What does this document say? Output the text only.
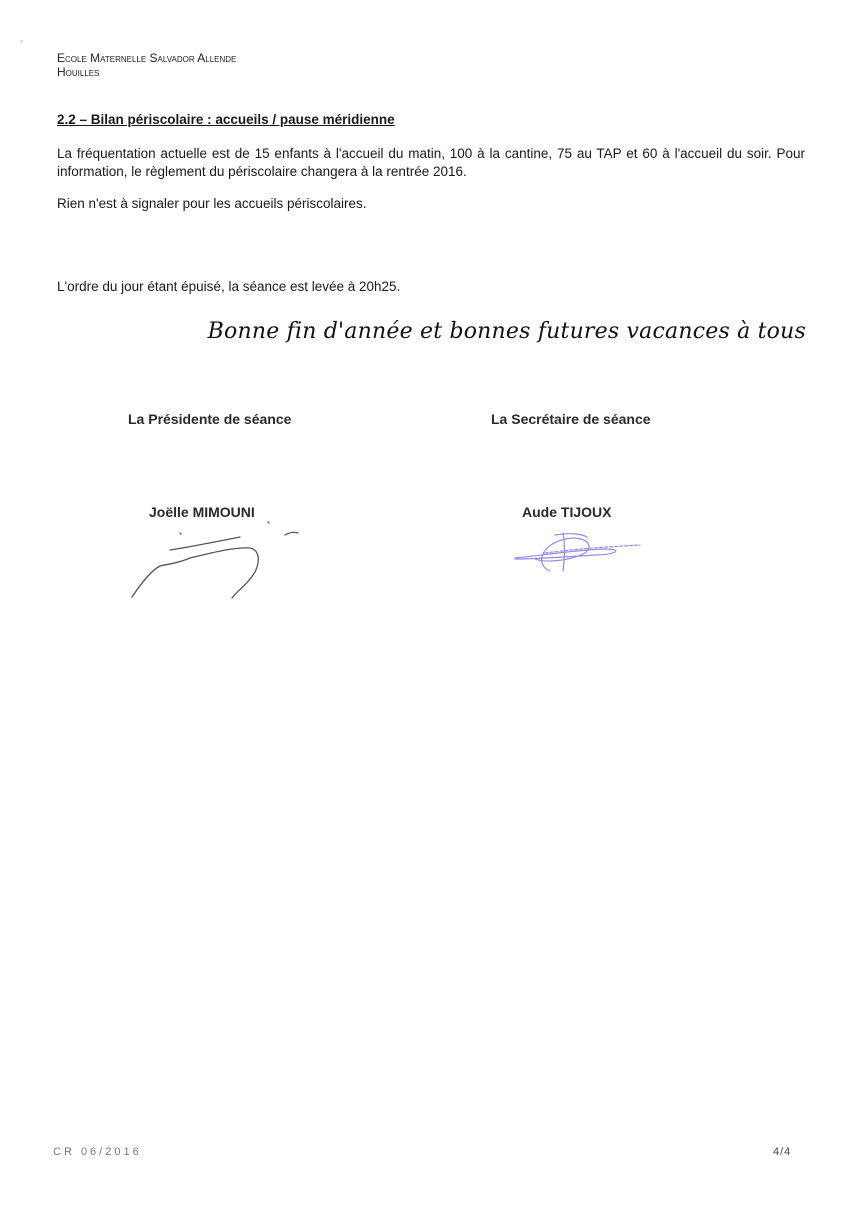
Ecole Maternelle Salvador Allende
Houilles
2.2 – Bilan périscolaire : accueils / pause méridienne
La fréquentation actuelle est de 15 enfants à l'accueil du matin, 100 à la cantine, 75 au TAP et 60 à l'accueil du soir. Pour information, le règlement du périscolaire changera à la rentrée 2016.
Rien n'est à signaler pour les accueils périscolaires.
L'ordre du jour étant épuisé, la séance est levée à 20h25.
Bonne fin d'année et bonnes futures vacances à tous
La Présidente de séance	La Secrétaire de séance
Joëlle MIMOUNI	Aude TIJOUX
CR 06/2016	4/4
